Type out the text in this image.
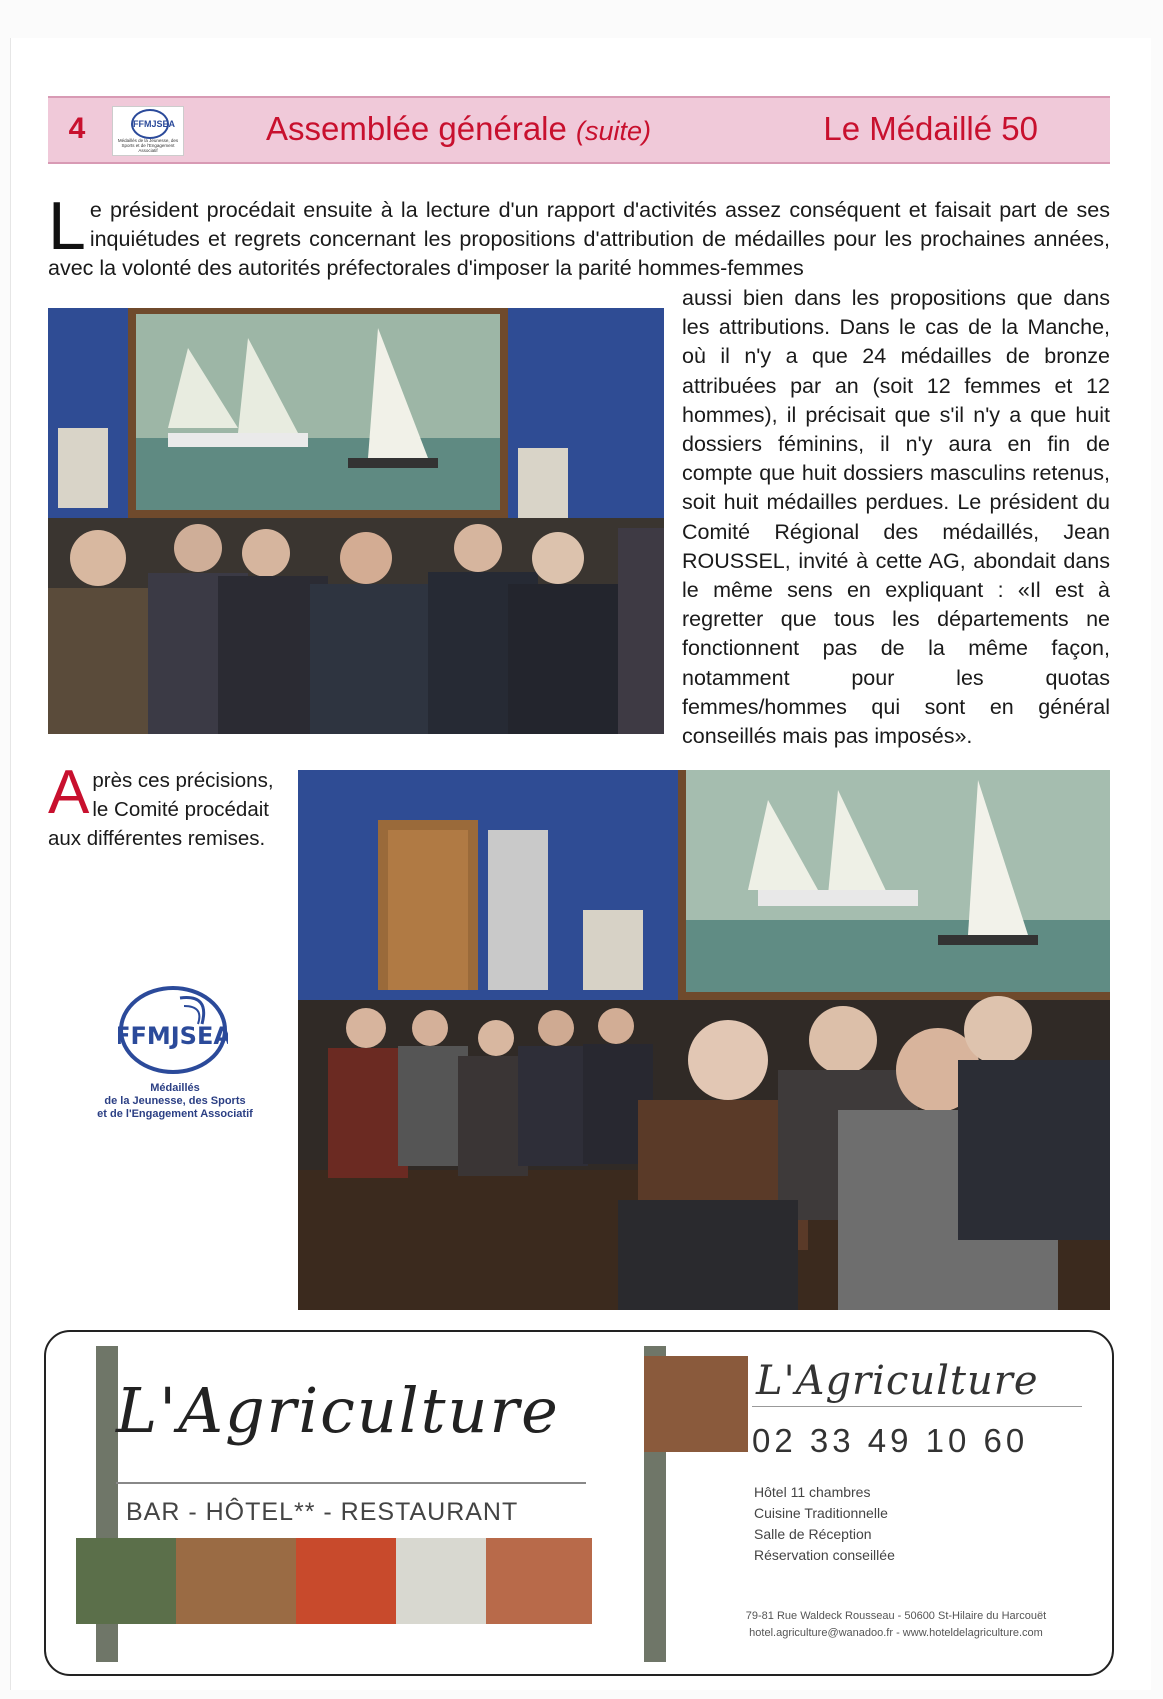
4	FFMJSEA
Médaillés de la Jeunesse, des Sports et de l'Engagement Associatif
Assemblée générale (suite)	Le Médaillé 50
Le président procédait ensuite à la lecture d'un rapport d'activités assez conséquent et faisait part de ses inquiétudes et regrets concernant les propositions d'attribution de médailles pour les prochaines années, avec la volonté des autorités préfectorales d'imposer la parité hommes-femmes
aussi bien dans les propositions que dans les attributions. Dans le cas de la Manche, où il n'y a que 24 médailles de bronze attribuées par an (soit 12 femmes et 12 hommes), il précisait que s'il n'y a que huit dossiers féminins, il n'y aura en fin de compte que huit dossiers masculins retenus, soit huit médailles perdues. Le président du Comité Régional des médaillés, Jean ROUSSEL, invité à cette AG, abondait dans le même sens en expliquant : «Il est à regretter que tous les départements ne fonctionnent pas de la même façon, notamment pour les quotas femmes/hommes qui sont en général conseillés mais pas imposés».
Après ces précisions, le Comité procédait aux différentes remises.
FFMJSEA
Médaillés
de la Jeunesse, des Sports
et de l'Engagement Associatif
L'Agriculture
BAR - HÔTEL** - RESTAURANT
L'Agriculture
02 33 49 10 60
Hôtel 11 chambres
Cuisine Traditionnelle
Salle de Réception
Réservation conseillée
79-81 Rue Waldeck Rousseau - 50600 St-Hilaire du Harcouët
hotel.agriculture@wanadoo.fr - www.hoteldelagriculture.com
